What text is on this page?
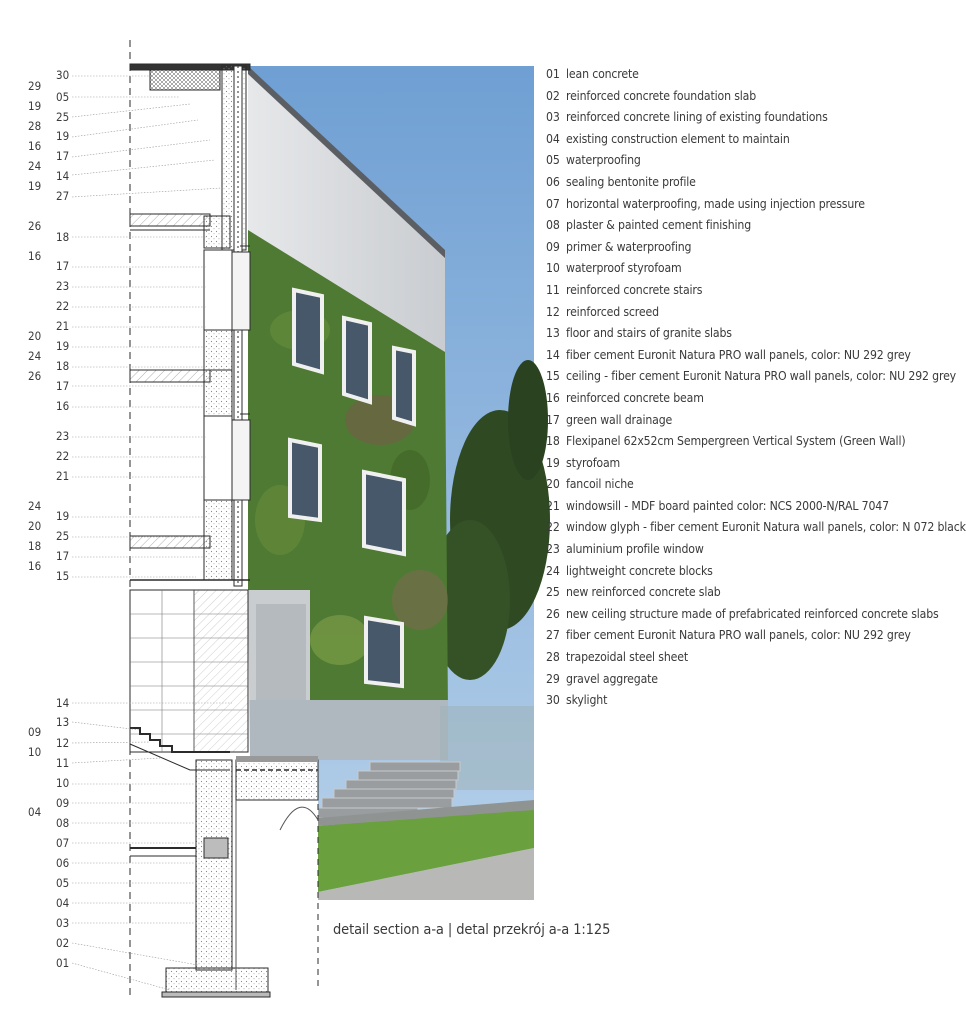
29
19
28
16
24
19
26
16
20
24
26
24
20
18
16
09
10
04
30
05
25
19
17
14
27
18
17
23
22
21
19
18
17
16
23
22
21
19
25
17
15
14
13
12
11
10
09
08
07
06
05
04
03
02
01
01 lean concrete
02 reinforced concrete foundation slab
03 reinforced concrete lining of existing foundations
04 existing construction element to maintain
05 waterproofing
06 sealing bentonite profile
07 horizontal waterproofing, made using injection pressure
08 plaster & painted cement finishing
09 primer & waterproofing
10 waterproof styrofoam
11 reinforced concrete stairs
12 reinforced screed
13 floor and stairs of granite slabs
14 fiber cement Euronit Natura PRO wall panels, color: NU 292 grey
15 ceiling - fiber cement Euronit Natura PRO wall panels, color: NU 292 grey
16 reinforced concrete beam
17 green wall drainage
18 Flexipanel 62x52cm Sempergreen Vertical System (Green Wall)
19 styrofoam
20 fancoil niche
21 windowsill - MDF board painted color: NCS 2000-N/RAL 7047
22 window glyph - fiber cement Euronit Natura wall panels, color: N 072 black
23 aluminium profile window
24 lightweight concrete blocks
25 new reinforced concrete slab
26 new ceiling structure made of prefabricated reinforced concrete slabs
27 fiber cement Euronit Natura PRO wall panels, color: NU 292 grey
28 trapezoidal steel sheet
29 gravel aggregate
30 skylight
detail section a-a | detal przekrój a-a 1:125
